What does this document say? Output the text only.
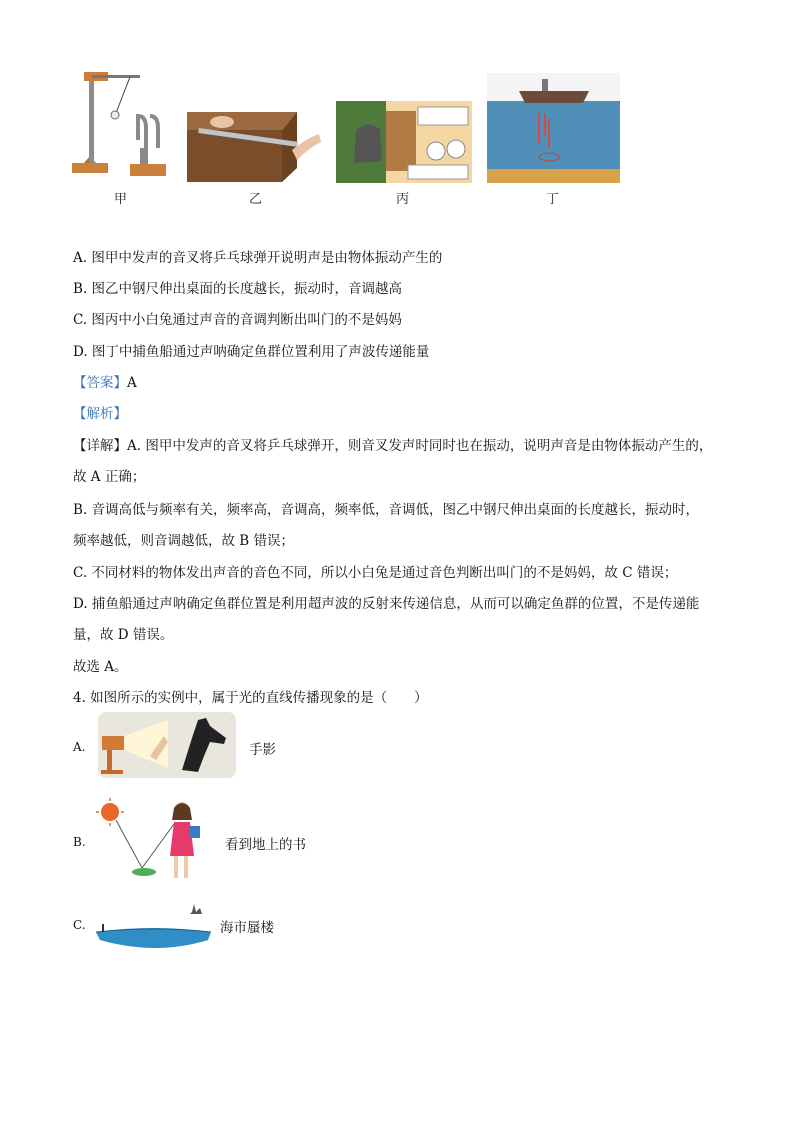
甲	乙	丙	丁
A. 图甲中发声的音叉将乒乓球弹开说明声是由物体振动产生的
B. 图乙中钢尺伸出桌面的长度越长，振动时，音调越高
C. 图丙中小白兔通过声音的音调判断出叫门的不是妈妈
D. 图丁中捕鱼船通过声呐确定鱼群位置利用了声波传递能量
【答案】A
【解析】
【详解】A. 图甲中发声的音叉将乒乓球弹开，则音叉发声时同时也在振动，说明声音是由物体振动产生的，
故 A 正确；
B. 音调高低与频率有关，频率高，音调高，频率低，音调低，图乙中钢尺伸出桌面的长度越长，振动时，
频率越低，则音调越低，故 B 错误；
C. 不同材料的物体发出声音的音色不同，所以小白兔是通过音色判断出叫门的不是妈妈，故 C 错误；
D. 捕鱼船通过声呐确定鱼群位置是利用超声波的反射来传递信息，从而可以确定鱼群的位置，不是传递能
量，故 D 错误。
故选 A。
4. 如图所示的实例中，属于光的直线传播现象的是（　　）
A.	手影
B.	看到地上的书
C.	海市蜃楼
